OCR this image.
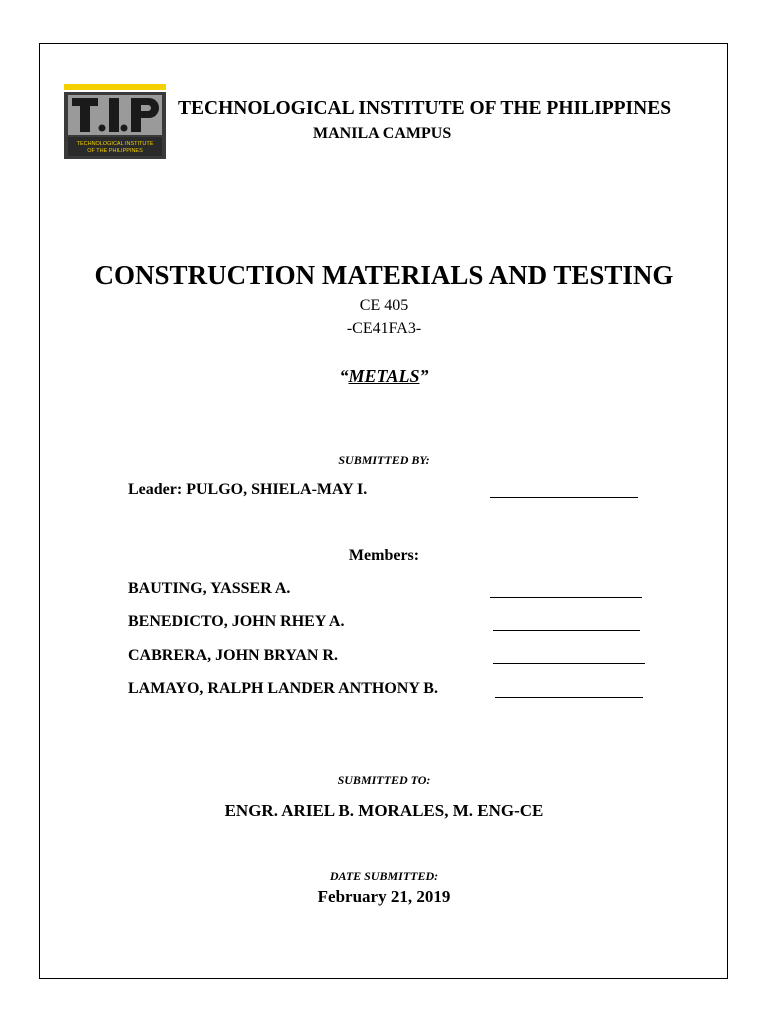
TECHNOLOGICAL INSTITUTE
OF THE PHILIPPINES
TECHNOLOGICAL INSTITUTE OF THE PHILIPPINES
MANILA CAMPUS
CONSTRUCTION MATERIALS AND TESTING
CE 405
-CE41FA3-
“METALS”
SUBMITTED BY:
Leader: PULGO, SHIELA-MAY I.
Members:
BAUTING, YASSER A.
BENEDICTO, JOHN RHEY A.
CABRERA, JOHN BRYAN R.
LAMAYO, RALPH LANDER ANTHONY B.
SUBMITTED TO:
ENGR. ARIEL B. MORALES, M. ENG-CE
DATE SUBMITTED:
February 21, 2019
